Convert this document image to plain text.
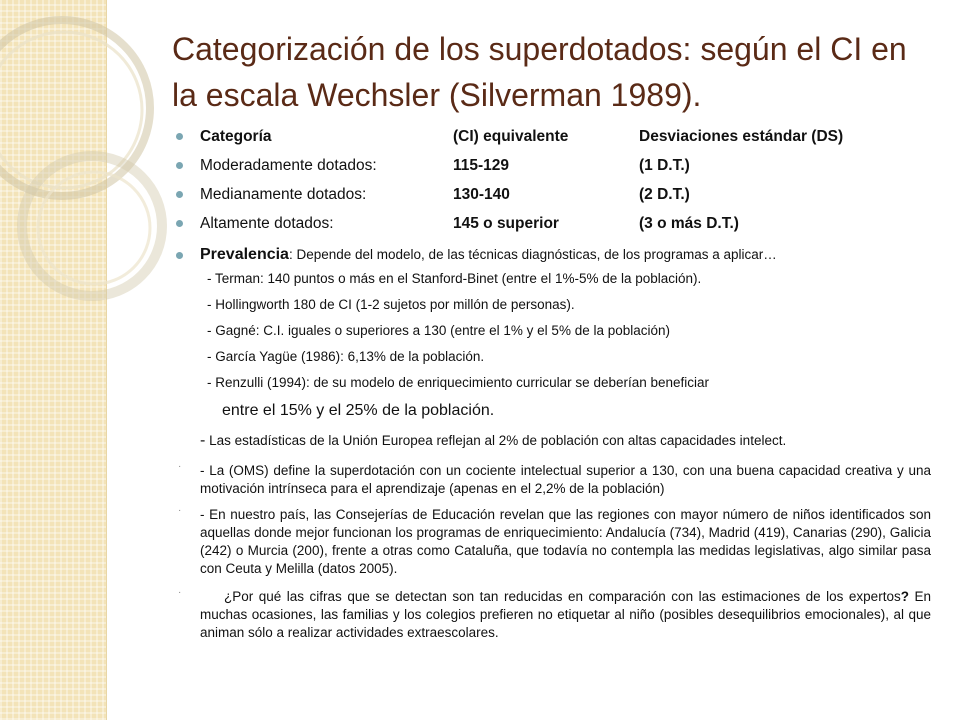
Categorización de los superdotados: según el CI en la escala Wechsler (Silverman 1989).
Categoría	(CI) equivalente	Desviaciones estándar (DS)
Moderadamente dotados:	115-129	(1 D.T.)
Medianamente dotados:	130-140	(2 D.T.)
Altamente dotados:	145 o superior	(3 o más D.T.)
Prevalencia: Depende del modelo, de las técnicas diagnósticas, de los programas a aplicar…
- Terman: 140 puntos o más en el Stanford-Binet (entre el 1%-5% de la población).
- Hollingworth 180 de CI (1-2 sujetos por millón de personas).
- Gagné: C.I. iguales o superiores a 130 (entre el 1% y el 5% de la población)
- García Yagüe (1986): 6,13% de la población.
- Renzulli (1994): de su modelo de enriquecimiento curricular se deberían beneficiar
entre el 15% y el 25% de la población.
- Las estadísticas de la Unión Europea reflejan al 2% de población con altas capacidades intelect.
· - La (OMS) define la superdotación con un cociente intelectual superior a 130, con una buena capacidad creativa y una motivación intrínseca para el aprendizaje (apenas en el 2,2% de la población)
· - En nuestro país, las Consejerías de Educación revelan que las regiones con mayor número de niños identificados son aquellas donde mejor funcionan los programas de enriquecimiento: Andalucía (734), Madrid (419), Canarias (290), Galicia (242) o Murcia (200), frente a otras como Cataluña, que todavía no contempla las medidas legislativas, algo similar pasa con Ceuta y Melilla (datos 2005).
·	¿Por qué las cifras que se detectan son tan reducidas en comparación con las estimaciones de los expertos? En muchas ocasiones, las familias y los colegios prefieren no etiquetar al niño (posibles desequilibrios emocionales), al que animan sólo a realizar actividades extraescolares.
